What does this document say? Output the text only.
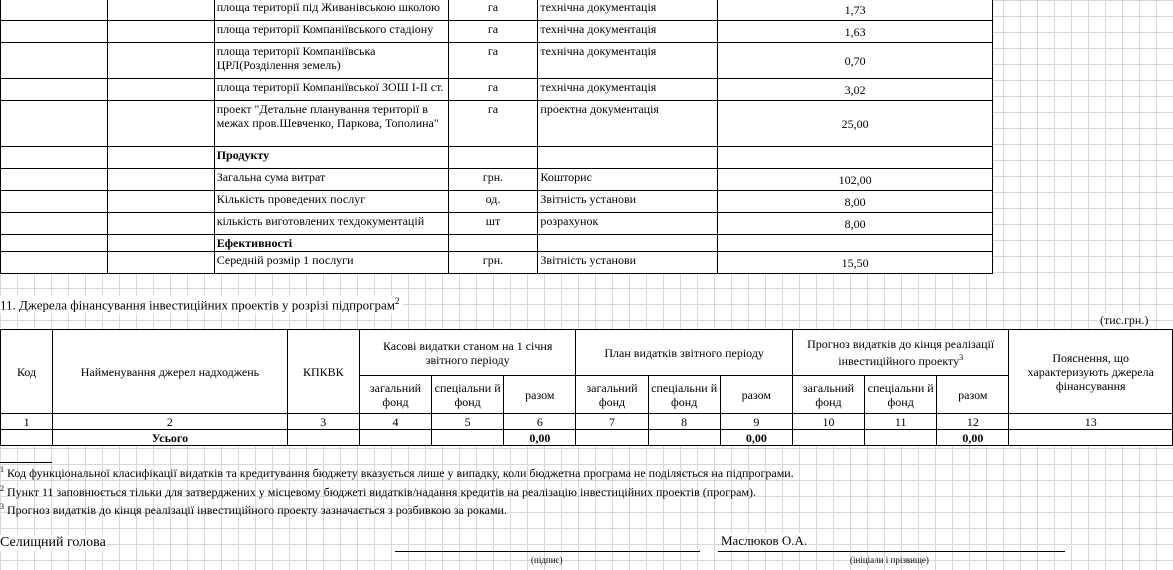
		площа території під Живанівською школою	га	технічна документація	1,73
		площа території Компаніївського стадіону	га	технічна документація	1,63
		площа території Компаніївська ЦРЛ(Розділення земель)	га	технічна документація	0,70
		площа території Компаніївської ЗОШ І-ІІ ст.	га	технічна документація	3,02
		проект "Детальне планування території в межах пров.Шевченко, Паркова, Тополина"	га	проектна документація	25,00
		Продукту			
		Загальна сума витрат	грн.	Кошторис	102,00
		Кількість проведених послуг	од.	Звітність установи	8,00
		кількість виготовлених техдокументацій	шт	розрахунок	8,00
		Ефективності			
		Середній розмір 1 послуги	грн.	Звітність установи	15,50
11. Джерела фінансування інвестиційних проектів у розрізі підпрограм$^2$
(тис.грн.)
Код	Найменування джерел надходжень	КПКВК	Касові видатки станом на 1 січня звітного періоду			План видатків звітного періоду			Прогноз видатків до кінця реалізації інвестиційного проекту$^3$			Пояснення, що характеризують джерела фінансування
			загальний фонд	спеціальни й фонд	разом	загальний фонд	спеціальни й фонд	разом	загальний фонд	спеціальни й фонд	разом	
1	2	3	4	5	6	7	8	9	10	11	12	13
	Усього				0,00			0,00			0,00	
$^1$ Код функціональної класифікації видатків та кредитування бюджету вказується лише у випадку, коли бюджетна програма не поділяється на підпрограми.
$^2$ Пункт 11 заповнюється тільки для затверджених у місцевому бюджеті видатків/надання кредитів на реалізацію інвестиційних проектів (програм).
$^3$ Прогноз видатків до кінця реалізації інвестиційного проекту зазначається з розбивкою за роками.
Селищний голова
(підпис)
Маслюков О.А.
(ініціали і прізвище)
